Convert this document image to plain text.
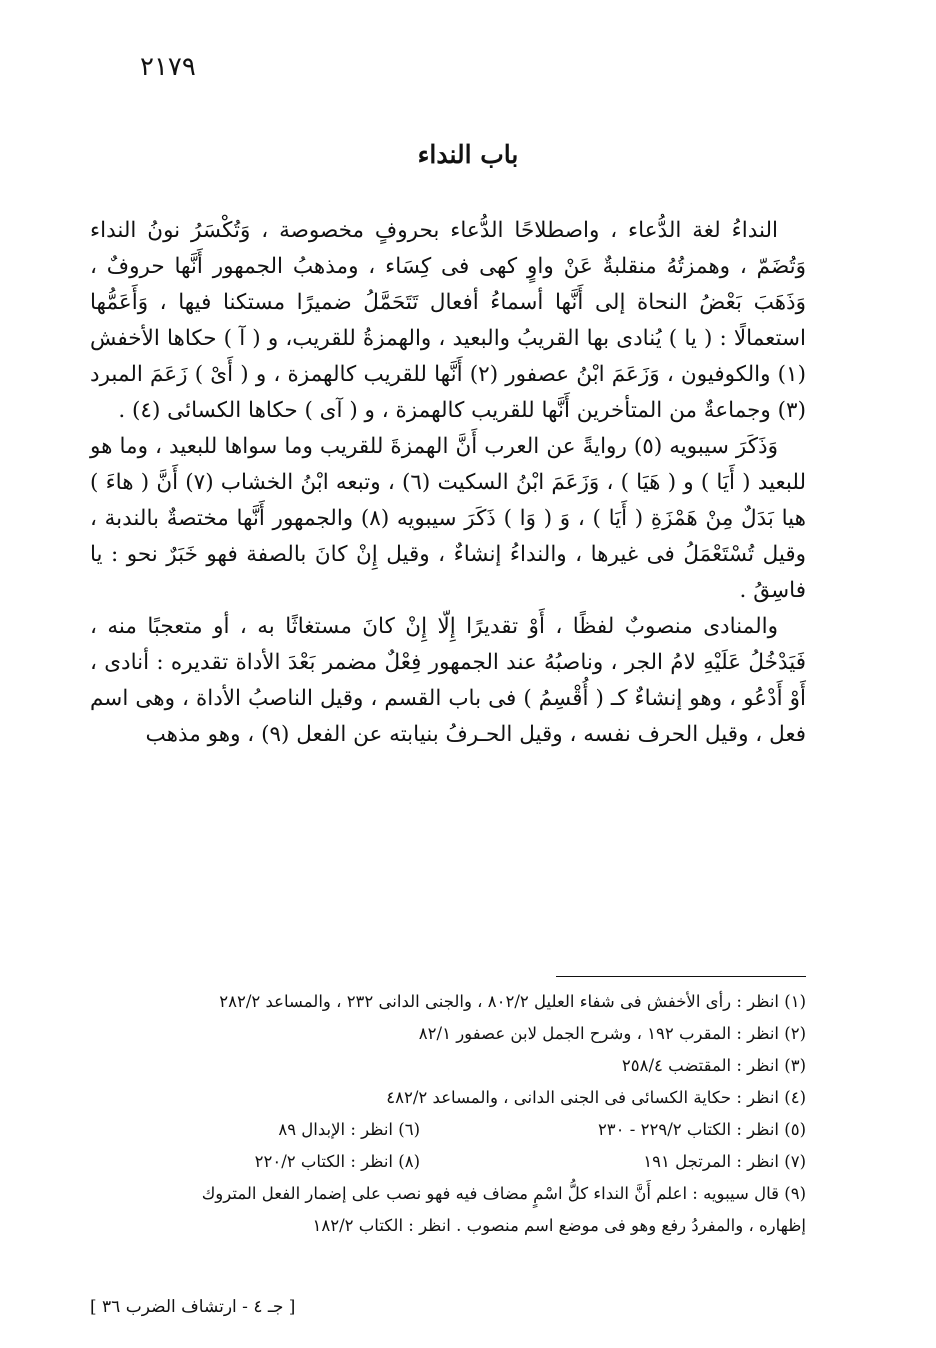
٢١٧٩
باب النداء

النداءُ لغة الدُّعاء ، واصطلاحًا الدُّعاء بحروفٍ مخصوصة ، وَتُكْسَرُ نونُ النداء وَتُضَمّ ، وهمزتُهُ منقلبةٌ عَنْ واوٍ كهى فى كِسَاء ، ومذهبُ الجمهور أَنَّها حروفٌ ، وَذَهَبَ بَعْضُ النحاة إلى أَنَّها أسماءُ أفعال تَتَحَمَّلُ ضميرًا مستكنا فيها ، وَأَعَمُّها استعمالًا : ( يا ) يُنادى بها القريبُ والبعيد ، والهمزةُ للقريب، و ( آ ) حكاها الأخفش (١) والكوفيون ، وَزَعَمَ ابْنُ عصفور (٢) أَنَّها للقريب كالهمزة ، و ( أَىْ ) زَعَمَ المبرد (٣) وجماعةٌ من المتأخرين أَنَّها للقريب كالهمزة ، و ( آى ) حكاها الكسائى (٤) .

وَذَكَرَ سيبويه (٥) روايةً عن العرب أَنَّ الهمزةَ للقريب وما سواها للبعيد ، وما هو للبعيد ( أَيَا ) و ( هَيَا ) ، وَزَعَمَ ابْنُ السكيت (٦) ، وتبعه ابْنُ الخشاب (٧) أَنَّ ( هاءَ ) هيا بَدَلٌ مِنْ هَمْزَةِ ( أَيَا ) ، وَ ( وَا ) ذَكَرَ سيبويه (٨) والجمهور أَنَّها مختصةٌ بالندبة ، وقيل تُسْتَعْمَلُ فى غيرها ، والنداءُ إنشاءٌ ، وقيل إِنْ كانَ بالصفة فهو خَبَرٌ نحو : يا فاسِقُ .

والمنادى منصوبٌ لفظًا ، أَوْ تقديرًا إِلّا إِنْ كانَ مستغاثًا به ، أو متعجبًا منه ، فَيَدْخُلُ عَلَيْهِ لامُ الجر ، وناصبُهُ عند الجمهور فِعْلٌ مضمر بَعْدَ الأداة تقديره : أنادى ، أَوْ أَدْعُو ، وهو إنشاءٌ كـ ( أُقْسِمُ ) فى باب القسم ، وقيل الناصبُ الأداة ، وهى اسم فعل ، وقيل الحرف نفسه ، وقيل الحـرفُ بنيابته عن الفعل (٩) ، وهو مذهب

(١) انظر : رأى الأخفش فى شفاء العليل ٨٠٢/٢ ، والجنى الدانى ٢٣٢ ، والمساعد ٢٨٢/٢
(٢) انظر : المقرب ١٩٢ ، وشرح الجمل لابن عصفور ٨٢/١
(٣) انظر : المقتضب ٢٥٨/٤
(٤) انظر : حكاية الكسائى فى الجنى الدانى ، والمساعد ٤٨٢/٢
(٥) انظر : الكتاب ٢٢٩/٢ - ٢٣٠
(٦) انظر : الإبدال ٨٩
(٧) انظر : المرتجل ١٩١
(٨) انظر : الكتاب ٢٢٠/٢
(٩) قال سيبويه : اعلم أَنَّ النداء كلُّ اسْمٍ مضاف فيه فهو نصب على إضمار الفعل المتروك
إظهاره ، والمفردُ رفع وهو فى موضع اسم منصوب . انظر : الكتاب ١٨٢/٢
[ جـ ٤ - ارتشاف الضرب ٣٦ ]
